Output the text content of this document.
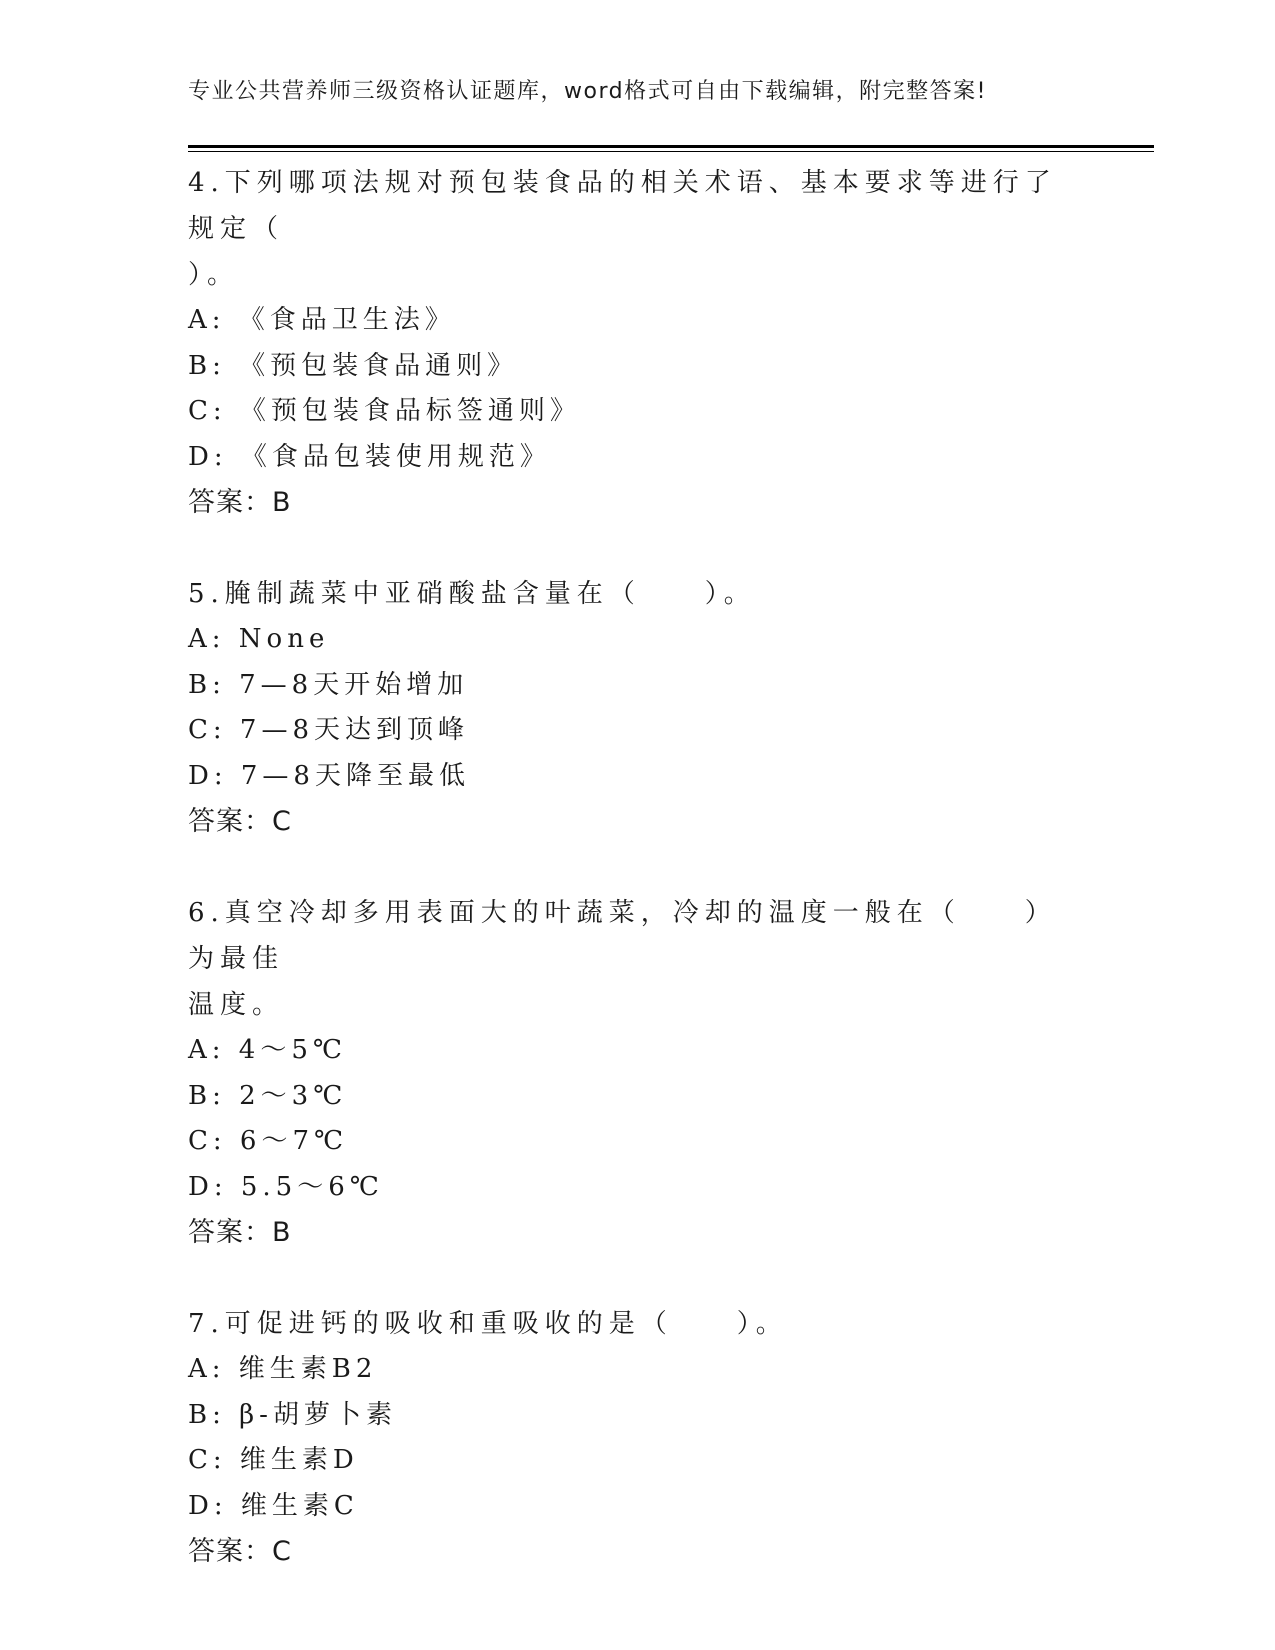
专业公共营养师三级资格认证题库，word格式可自由下载编辑，附完整答案!
4.下列哪项法规对预包装食品的相关术语、基本要求等进行了规定（
）。
A: 《食品卫生法》
B: 《预包装食品通则》
C: 《预包装食品标签通则》
D: 《食品包装使用规范》
答案：B
5.腌制蔬菜中亚硝酸盐含量在（　　）。
A: None
B: 7—8天开始增加
C: 7—8天达到顶峰
D: 7—8天降至最低
答案：C
6.真空冷却多用表面大的叶蔬菜，冷却的温度一般在（　　）为最佳
温度。
A: 4～5℃
B: 2～3℃
C: 6～7℃
D: 5.5～6℃
答案：B
7.可促进钙的吸收和重吸收的是（　　）。
A: 维生素B2
B: β-胡萝卜素
C: 维生素D
D: 维生素C
答案：C
